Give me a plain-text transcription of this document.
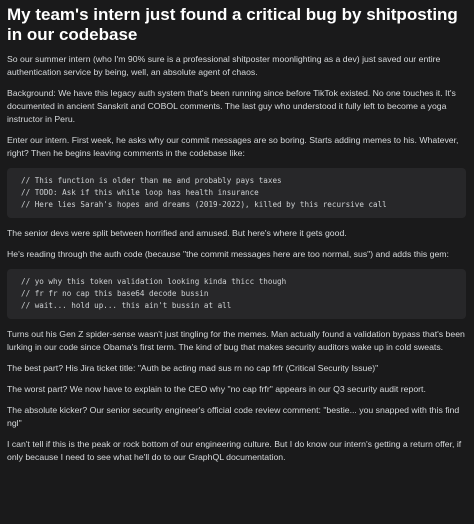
My team's intern just found a critical bug by shitposting in our codebase

So our summer intern (who I'm 90% sure is a professional shitposter moonlighting as a dev) just saved our entire authentication service by being, well, an absolute agent of chaos.

Background: We have this legacy auth system that's been running since before TikTok existed. No one touches it. It's documented in ancient Sanskrit and COBOL comments. The last guy who understood it fully left to become a yoga instructor in Peru.

Enter our intern. First week, he asks why our commit messages are so boring. Starts adding memes to his. Whatever, right? Then he begins leaving comments in the codebase like:

// This function is older than me and probably pays taxes
// TODO: Ask if this while loop has health insurance
// Here lies Sarah's hopes and dreams (2019-2022), killed by this recursive call

The senior devs were split between horrified and amused. But here's where it gets good.

He's reading through the auth code (because "the commit messages here are too normal, sus") and adds this gem:

// yo why this token validation looking kinda thicc though
// fr fr no cap this base64 decode bussin
// wait... hold up... this ain't bussin at all

Turns out his Gen Z spider-sense wasn't just tingling for the memes. Man actually found a validation bypass that's been lurking in our code since Obama's first term. The kind of bug that makes security auditors wake up in cold sweats.

The best part? His Jira ticket title: "Auth be acting mad sus rn no cap frfr (Critical Security Issue)"

The worst part? We now have to explain to the CEO why "no cap frfr" appears in our Q3 security audit report.

The absolute kicker? Our senior security engineer's official code review comment: "bestie... you snapped with this find ngl"

I can't tell if this is the peak or rock bottom of our engineering culture. But I do know our intern's getting a return offer, if only because I need to see what he'll do to our GraphQL documentation.
